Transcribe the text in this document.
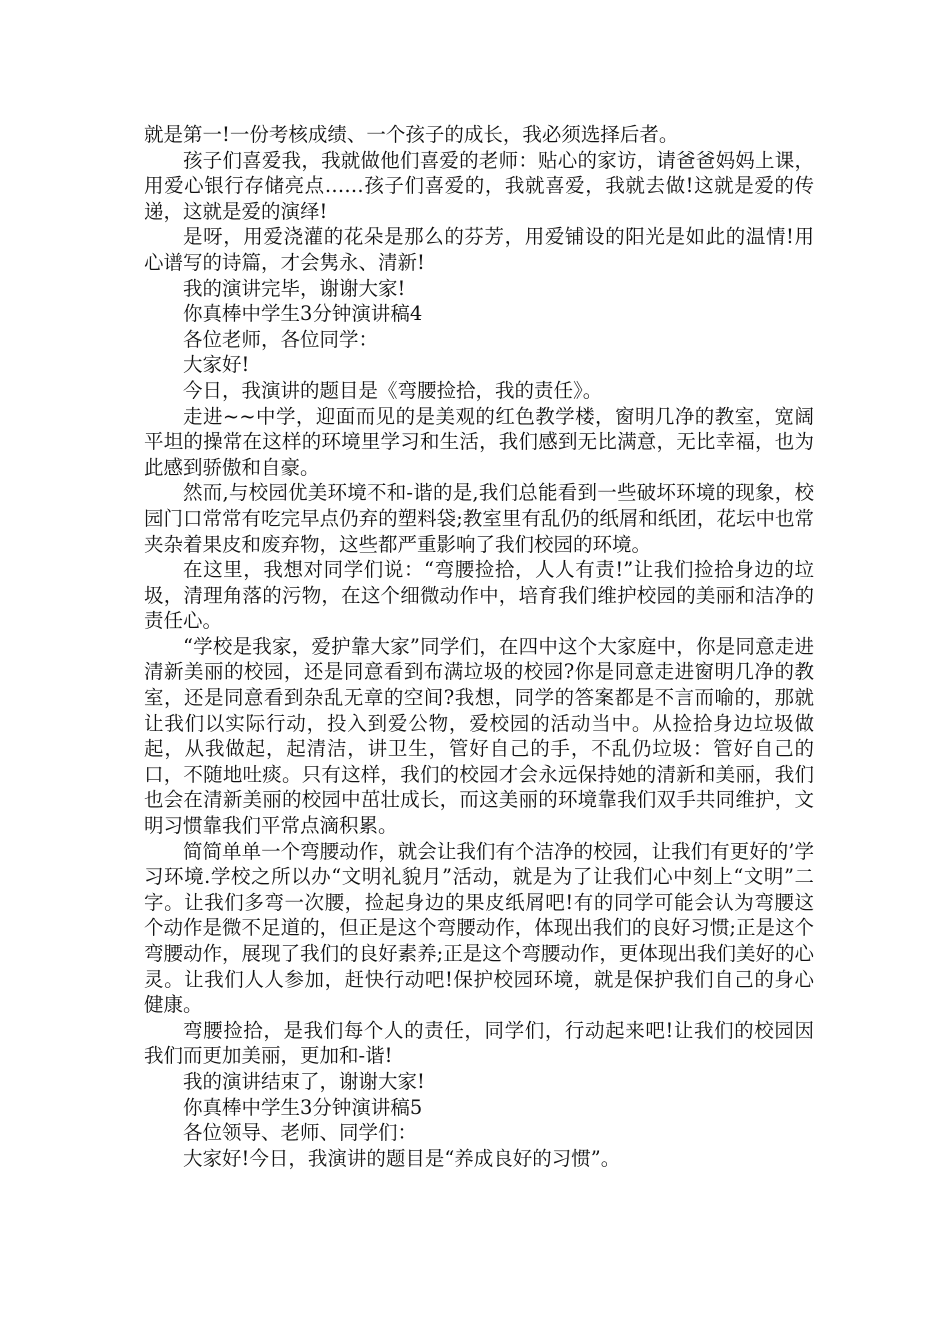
就是第一!一份考核成绩、一个孩子的成长，我必须选择后者。

孩子们喜爱我，我就做他们喜爱的老师：贴心的家访，请爸爸妈妈上课，用爱心银行存储亮点……孩子们喜爱的，我就喜爱，我就去做!这就是爱的传递，这就是爱的演绎!

是呀，用爱浇灌的花朵是那么的芬芳，用爱铺设的阳光是如此的温情!用心谱写的诗篇，才会隽永、清新!

我的演讲完毕，谢谢大家!

你真棒中学生3分钟演讲稿4

各位老师，各位同学：

大家好!

今日，我演讲的题目是《弯腰捡拾，我的责任》。

走进~~中学，迎面而见的是美观的红色教学楼，窗明几净的教室，宽阔平坦的操常在这样的环境里学习和生活，我们感到无比满意，无比幸福，也为此感到骄傲和自豪。

然而,与校园优美环境不和-谐的是,我们总能看到一些破坏环境的现象，校园门口常常有吃完早点仍弃的塑料袋;教室里有乱仍的纸屑和纸团，花坛中也常夹杂着果皮和废弃物，这些都严重影响了我们校园的环境。

在这里，我想对同学们说：“弯腰捡拾，人人有责!”让我们捡拾身边的垃圾，清理角落的污物，在这个细微动作中，培育我们维护校园的美丽和洁净的责任心。

“学校是我家，爱护靠大家”同学们，在四中这个大家庭中，你是同意走进清新美丽的校园，还是同意看到布满垃圾的校园?你是同意走进窗明几净的教室，还是同意看到杂乱无章的空间?我想，同学的答案都是不言而喻的，那就让我们以实际行动，投入到爱公物，爱校园的活动当中。从捡拾身边垃圾做起，从我做起，起清洁，讲卫生，管好自己的手，不乱仍垃圾：管好自己的口，不随地吐痰。只有这样，我们的校园才会永远保持她的清新和美丽，我们也会在清新美丽的校园中茁壮成长，而这美丽的环境靠我们双手共同维护，文明习惯靠我们平常点滴积累。

简简单单一个弯腰动作，就会让我们有个洁净的校园，让我们有更好的’学习环境.学校之所以办“文明礼貌月”活动，就是为了让我们心中刻上“文明”二字。让我们多弯一次腰，捡起身边的果皮纸屑吧!有的同学可能会认为弯腰这个动作是微不足道的，但正是这个弯腰动作，体现出我们的良好习惯;正是这个弯腰动作，展现了我们的良好素养;正是这个弯腰动作，更体现出我们美好的心灵。让我们人人参加，赶快行动吧!保护校园环境，就是保护我们自己的身心健康。

弯腰捡拾，是我们每个人的责任，同学们，行动起来吧!让我们的校园因我们而更加美丽，更加和-谐!

我的演讲结束了，谢谢大家!

你真棒中学生3分钟演讲稿5

各位领导、老师、同学们：

大家好!今日，我演讲的题目是“养成良好的习惯”。
